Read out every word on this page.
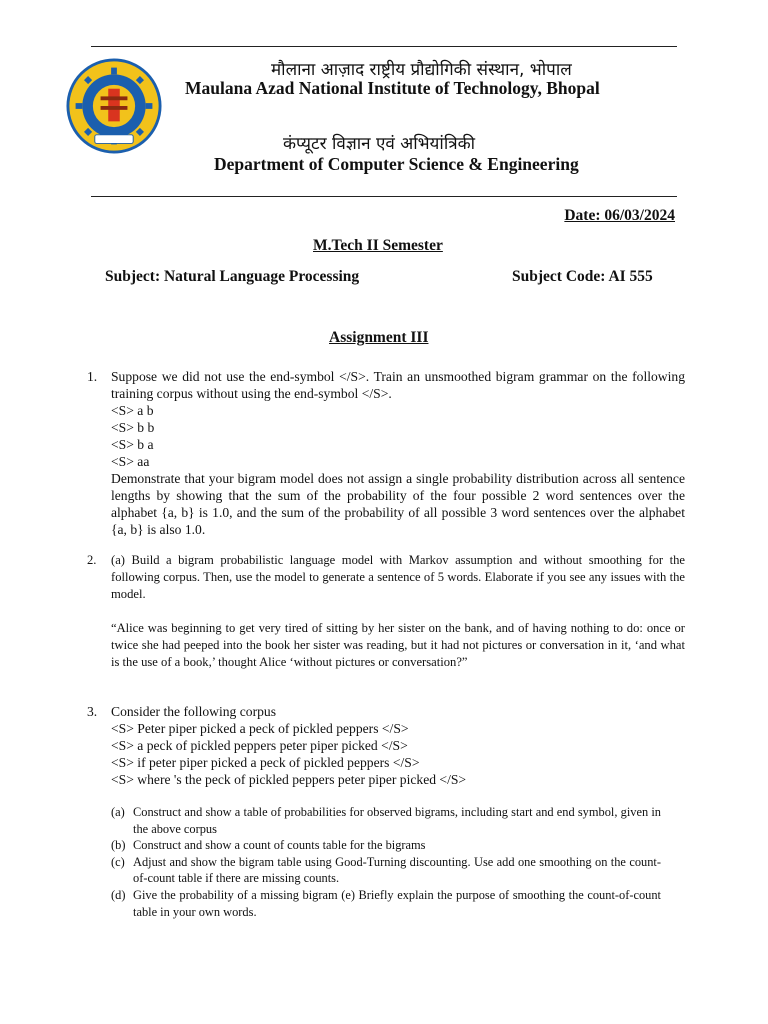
मौलाना आज़ाद राष्ट्रीय प्रौद्योगिकी संस्थान, भोपाल
Maulana Azad National Institute of Technology, Bhopal
कंप्यूटर विज्ञान एवं अभियांत्रिकी
Department of Computer Science & Engineering
Date: 06/03/2024
M.Tech II Semester
Subject: Natural Language Processing	Subject Code: AI 555
Assignment III
1. Suppose we did not use the end-symbol </S>. Train an unsmoothed bigram grammar on the following training corpus without using the end-symbol </S>.
<S> a b
<S> b b
<S> b a
<S> aa
Demonstrate that your bigram model does not assign a single probability distribution across all sentence lengths by showing that the sum of the probability of the four possible 2 word sentences over the alphabet {a, b} is 1.0, and the sum of the probability of all possible 3 word sentences over the alphabet {a, b} is also 1.0.
2. (a) Build a bigram probabilistic language model with Markov assumption and without smoothing for the following corpus. Then, use the model to generate a sentence of 5 words. Elaborate if you see any issues with the model.
“Alice was beginning to get very tired of sitting by her sister on the bank, and of having nothing to do: once or twice she had peeped into the book her sister was reading, but it had not pictures or conversation in it, ‘and what is the use of a book,’ thought Alice ‘without pictures or conversation?”
3. Consider the following corpus
<S> Peter piper picked a peck of pickled peppers </S>
<S> a peck of pickled peppers peter piper picked </S>
<S> if peter piper picked a peck of pickled peppers </S>
<S> where 's the peck of pickled peppers peter piper picked </S>
(a) Construct and show a table of probabilities for observed bigrams, including start and end symbol, given in the above corpus
(b) Construct and show a count of counts table for the bigrams
(c) Adjust and show the bigram table using Good-Turning discounting. Use add one smoothing on the count-of-count table if there are missing counts.
(d) Give the probability of a missing bigram (e) Briefly explain the purpose of smoothing the count-of-count table in your own words.
